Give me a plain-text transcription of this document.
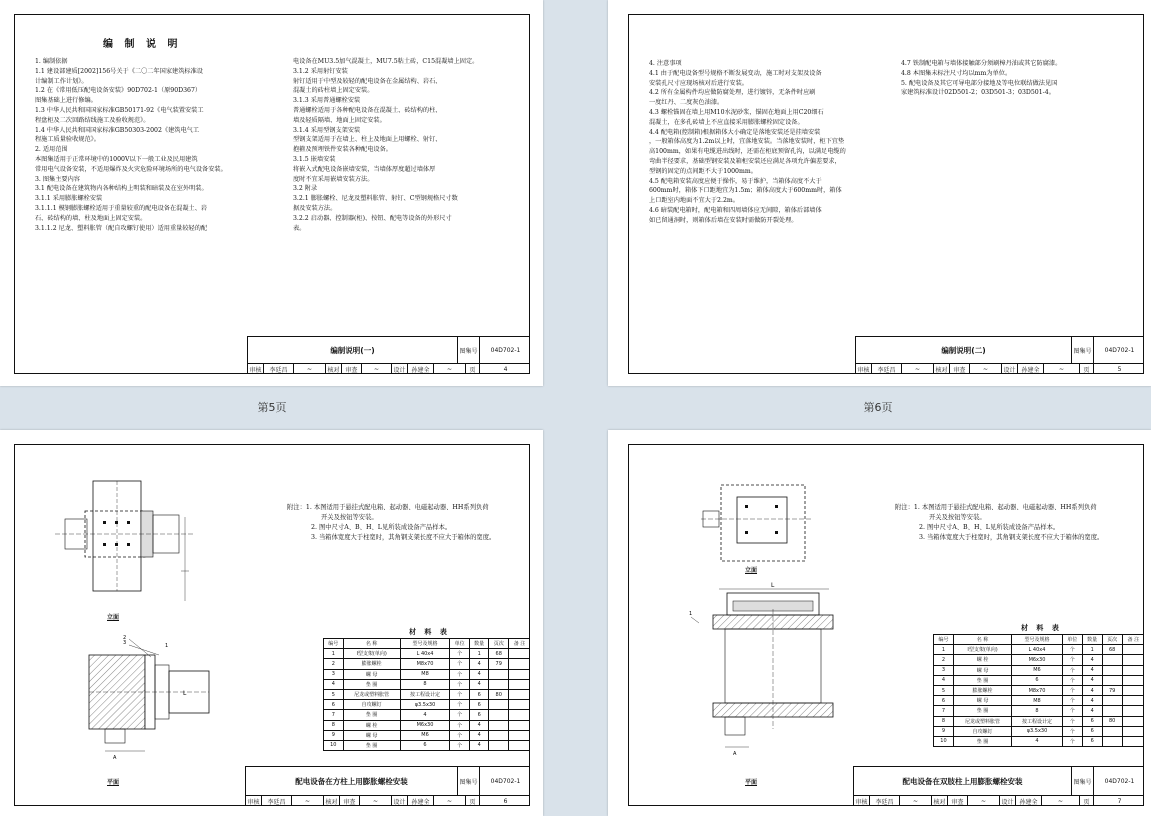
编 制 说 明
1. 编制依据
1.1 建设部建质[2002]156号关于《二〇二年国家建筑标准设
计编制工作计划》。
1.2 在《常用低压配电设备安装》90D702-1（原90D367）
图集基础上进行修编。
1.3 中华人民共和国国家标准GB50171-92《电气装置安装工
程盘柜及二次回路结线施工及验收规范》。
1.4 中华人民共和国国家标准GB50303-2002《建筑电气工
程施工质量验收规范》。
2. 适用范围
本图集适用于正常环境中的1000V以下一般工业及民用建筑
常用电气设备安装，不适用爆炸及火灾危险环境场所的电气设备安装。
3. 图集主要内容
3.1 配电设备在建筑物内各种结构上明装和暗装及在室外明装。
3.1.1 采用膨胀螺栓安装
3.1.1.1 模钢膨胀螺栓适用于重量较重的配电设备在混凝土、岩
石、砖结构的墙、柱及地面上固定安装。
3.1.1.2 尼龙、塑料胀管（配自攻螺钉使用）适用重量较轻的配
电设备在MU3.5加气混凝土，MU7.5粘土砖，C15混凝墙上固定。
3.1.2 采用射钉安装
射钉适用于中型及较轻的配电设备在金属结构、岩石、
混凝土的砖柱墙上固定安装。
3.1.3 采用普通螺栓安装
普通螺栓适用于各种配电设备在混凝土、砖结构的柱、
墙及轻质隔墙、地面上固定安装。
3.1.4 采用型钢支架安装
型钢支架适用于在墙上、柱上及地面上用螺栓、射钉、
抱箍及预埋铁件安装各种配电设备。
3.1.5 嵌墙安装
将嵌入式配电设备嵌墙安装，当墙体厚度超过墙体厚
度时不宜采用嵌墙安装方法。
3.2 附录
3.2.1 膨胀螺栓、尼龙及塑料胀管、射钉、C型钢规格尺寸数
据及安装方法。
3.2.2 启动器、控制器(柜)、按钮、配电等设备的外形尺寸
表。
编制说明(一)	图集号	04D702-1
审核	李廷昌	~	核对 审查	~	设计 孙建全	~	页	4
第5页
4. 注意事项
4.1 由于配电设备型号规格不断发展变动，施工时对支架及设备
安装孔尺寸应现场核对后进行安装。
4.2 所有金属构件均应做防腐处理，进行镀锌，无条件时应刷
一度红丹、二度灰色油漆。
4.3 螺栓锚固在墙上用M10水泥砂浆，锚固在地面上用C20细石
混凝土，在多孔砖墙上不应直接采用膨胀螺栓固定设备。
4.4 配电箱(控制箱)根据箱体大小确定是落地安装还是挂墙安装
，一般箱体高度为1.2m以上时，宜落地安装。当落地安装时，柜下宜垫
高100mm，如果有电缆进出线时，还需在柜底预留孔沟，以满足电缆的
弯曲半径要求，基础型钢安装及箱柜安装还应满足各项允许偏差要求，
型钢的固定的点间距不大于1000mm。
4.5 配电箱安装高度应便于操作，易于维护，当箱体高度不大于
600mm时，箱体下口距地宜为1.5m；箱体高度大于600mm时，箱体
上口距室内地面不宜大于2.2m。
4.6 暗装配电箱时，配电箱和四周墙体应无间隙，箱体后部墙体
如已留通洞时，则箱体后墙在安装时需做防开裂处理。
4.7 铁制配电箱与墙体接触部分须刷樟丹油或其它防腐漆。
4.8 本图集未标注尺寸均以mm为单位。
5. 配电设备及其它可导电部分接地及等电位联结做法见国
家建筑标准设计02D501-2；03D501-3；03D501-4。
编制说明(二)	图集号	04D702-1
审核	李廷昌	~	核对 审查	~	设计 孙建全	~	页	5
第6页
立面
3
2
1
A
L
平面
附注：1. 本图适用于悬挂式配电箱、起动器、电磁起动器、HH系列负荷
开关及按钮等安装。
2. 图中尺寸A、B、H、L见所装成设备产品样本。
3. 当箱体宽度大于柱宽时，其角钢支架长度不应大于箱体的宽度。
材 料 表
编号	名 称	型号及规格	单位	数量	页次	备 注
1	Ⅰ型支架(单向)	L 40x4	个	1	68	
2	膨胀螺栓	M8x70	个	4	79	
3	螺 母	M8	个	4		
4	垫 圈	8	个	4		
5	尼龙或塑料胀管	按工程设计定	个	6	80	
6	自攻螺钉	φ3.5x30	个	6		
7	垫 圈	4	个	6		
8	螺 栓	M6x30	个	4		
9	螺 母	M6	个	4		
10	垫 圈	6	个	4		
配电设备在方柱上用膨胀螺栓安装	图集号	04D702-1
审核	李廷昌	~	核对 审查	~	设计 孙建全	~	页	6
立面
L
1
A
平面
附注：1. 本图适用于悬挂式配电箱、起动器、电磁起动器、HH系列负荷
开关及按钮等安装。
2. 图中尺寸A、B、H、L见所装成设备产品样本。
3. 当箱体宽度大于柱宽时，其角钢支架长度不应大于箱体的宽度。
材 料 表
编号	名 称	型号及规格	单位	数量	页次	备 注
1	Ⅰ型支架(单向)	L 40x4	个	1	68	
2	螺 栓	M6x30	个	4		
3	螺 母	M6	个	4		
4	垫 圈	6	个	4		
5	膨胀螺栓	M8x70	个	4	79	
6	螺 母	M8	个	4		
7	垫 圈	8	个	4		
8	尼龙或塑料胀管	按工程设计定	个	6	80	
9	自攻螺钉	φ3.5x30	个	6		
10	垫 圈	4	个	6		
配电设备在双肢柱上用膨胀螺栓安装	图集号	04D702-1
审核	李廷昌	~	核对 审查	~	设计 孙建全	~	页	7
